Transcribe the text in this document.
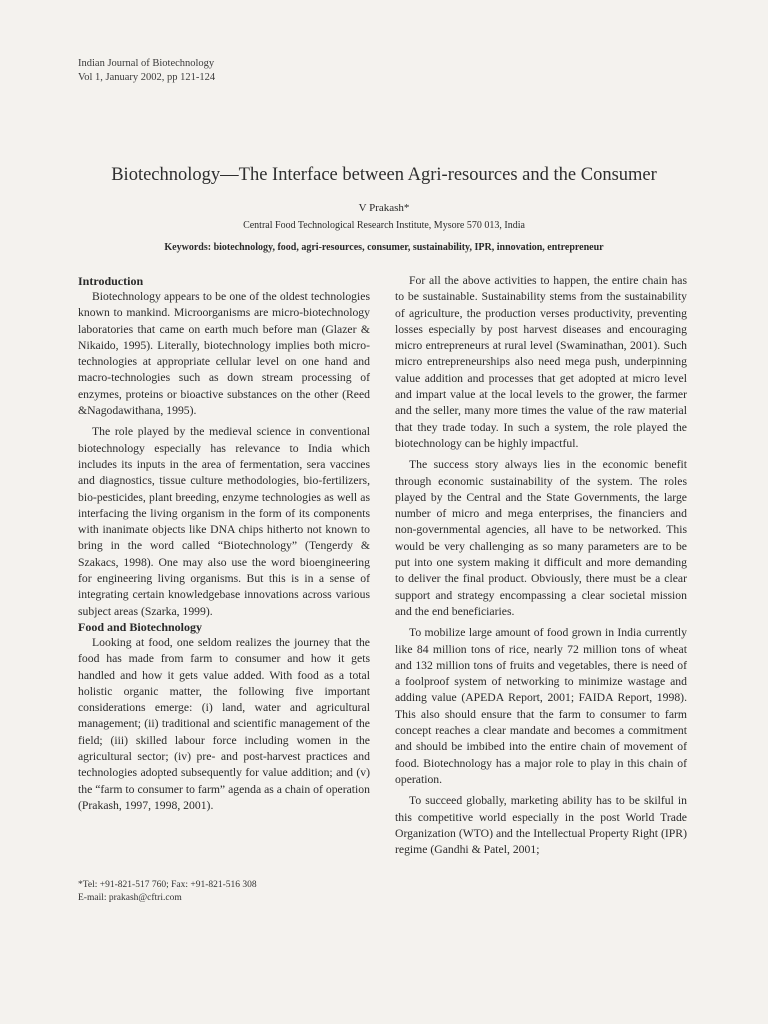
Indian Journal of Biotechnology
Vol 1, January 2002, pp 121-124
Biotechnology—The Interface between Agri-resources and the Consumer
V Prakash*
Central Food Technological Research Institute, Mysore 570 013, India
Keywords: biotechnology, food, agri-resources, consumer, sustainability, IPR, innovation, entrepreneur
Introduction

Biotechnology appears to be one of the oldest technologies known to mankind. Microorganisms are micro-biotechnology laboratories that came on earth much before man (Glazer & Nikaido, 1995). Literally, biotechnology implies both micro-technologies at appropriate cellular level on one hand and macro-technologies such as down stream processing of enzymes, proteins or bioactive substances on the other (Reed &Nagodawithana, 1995).

The role played by the medieval science in conventional biotechnology especially has relevance to India which includes its inputs in the area of fermentation, sera vaccines and diagnostics, tissue culture methodologies, bio-fertilizers, bio-pesticides, plant breeding, enzyme technologies as well as interfacing the living organism in the form of its components with inanimate objects like DNA chips hitherto not known to bring in the word called “Biotechnology” (Tengerdy & Szakacs, 1998). One may also use the word bioengineering for engineering living organisms. But this is in a sense of integrating certain knowledgebase innovations across various subject areas (Szarka, 1999).

Food and Biotechnology

Looking at food, one seldom realizes the journey that the food has made from farm to consumer and how it gets handled and how it gets value added. With food as a total holistic organic matter, the following five important considerations emerge: (i) land, water and agricultural management; (ii) traditional and scientific management of the field; (iii) skilled labour force including women in the agricultural sector; (iv) pre- and post-harvest practices and technologies adopted subsequently for value addition; and (v) the “farm to consumer to farm” agenda as a chain of operation (Prakash, 1997, 1998, 2001).

For all the above activities to happen, the entire chain has to be sustainable. Sustainability stems from the sustainability of agriculture, the production verses productivity, preventing losses especially by post harvest diseases and encouraging micro entrepreneurs at rural level (Swaminathan, 2001). Such micro entrepreneurships also need mega push, underpinning value addition and processes that get adopted at micro level and impart value at the local levels to the grower, the farmer and the seller, many more times the value of the raw material that they trade today. In such a system, the role played the biotechnology can be highly impactful.

The success story always lies in the economic benefit through economic sustainability of the system. The roles played by the Central and the State Governments, the large number of micro and mega enterprises, the financiers and non-governmental agencies, all have to be networked. This would be very challenging as so many parameters are to be put into one system making it difficult and more demanding to deliver the final product. Obviously, there must be a clear support and strategy encompassing a clear societal mission and the end beneficiaries.

To mobilize large amount of food grown in India currently like 84 million tons of rice, nearly 72 million tons of wheat and 132 million tons of fruits and vegetables, there is need of a foolproof system of networking to minimize wastage and adding value (APEDA Report, 2001; FAIDA Report, 1998). This also should ensure that the farm to consumer to farm concept reaches a clear mandate and becomes a commitment and should be imbibed into the entire chain of movement of food. Biotechnology has a major role to play in this chain of operation.

To succeed globally, marketing ability has to be skilful in this competitive world especially in the post World Trade Organization (WTO) and the Intellectual Property Right (IPR) regime (Gandhi & Patel, 2001;

*Tel: +91-821-517 760; Fax: +91-821-516 308
E-mail: prakash@cftri.com
